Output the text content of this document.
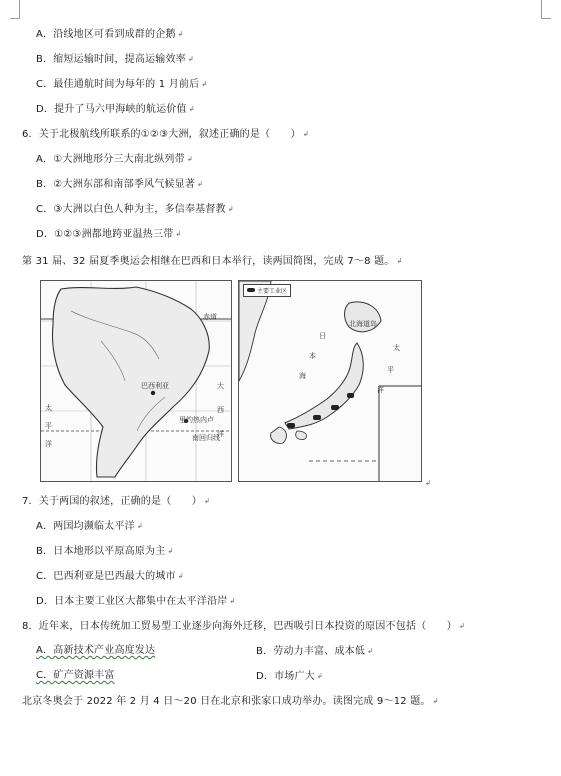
A．沿线地区可看到成群的企鹅 ↲
B．缩短运输时间，提高运输效率 ↲
C．最佳通航时间为每年的 1 月前后 ↲
D．提升了马六甲海峡的航运价值 ↲
6．关于北极航线所联系的①②③大洲，叙述正确的是（　　） ↲
A．①大洲地形分三大南北纵列带 ↲
B．②大洲东部和南部季风气候显著 ↲
C．③大洲以白色人种为主，多信奉基督教 ↲
D．①②③洲都地跨亚温热三带 ↲
第 31 届、32 届夏季奥运会相继在巴西和日本举行，读两国简图，完成 7～8 题。 ↲
赤道
巴西利亚	大
西
洋
里约热内卢
南回归线
太
平
洋
主要工业区
北海道岛
日
本
海
太
平
洋
↲
7．关于两国的叙述，正确的是（　　） ↲
A．两国均濒临太平洋 ↲
B．日本地形以平原高原为主 ↲
C．巴西利亚是巴西最大的城市 ↲
D．日本主要工业区大都集中在太平洋沿岸 ↲
8．近年来，日本传统加工贸易型工业逐步向海外迁移，巴西吸引日本投资的原因不包括（　　） ↲
A．高新技术产业高度发达	B．劳动力丰富、成本低 ↲
C．矿产资源丰富	D．市场广大 ↲
北京冬奥会于 2022 年 2 月 4 日～20 日在北京和张家口成功举办。读图完成 9～12 题。 ↲
